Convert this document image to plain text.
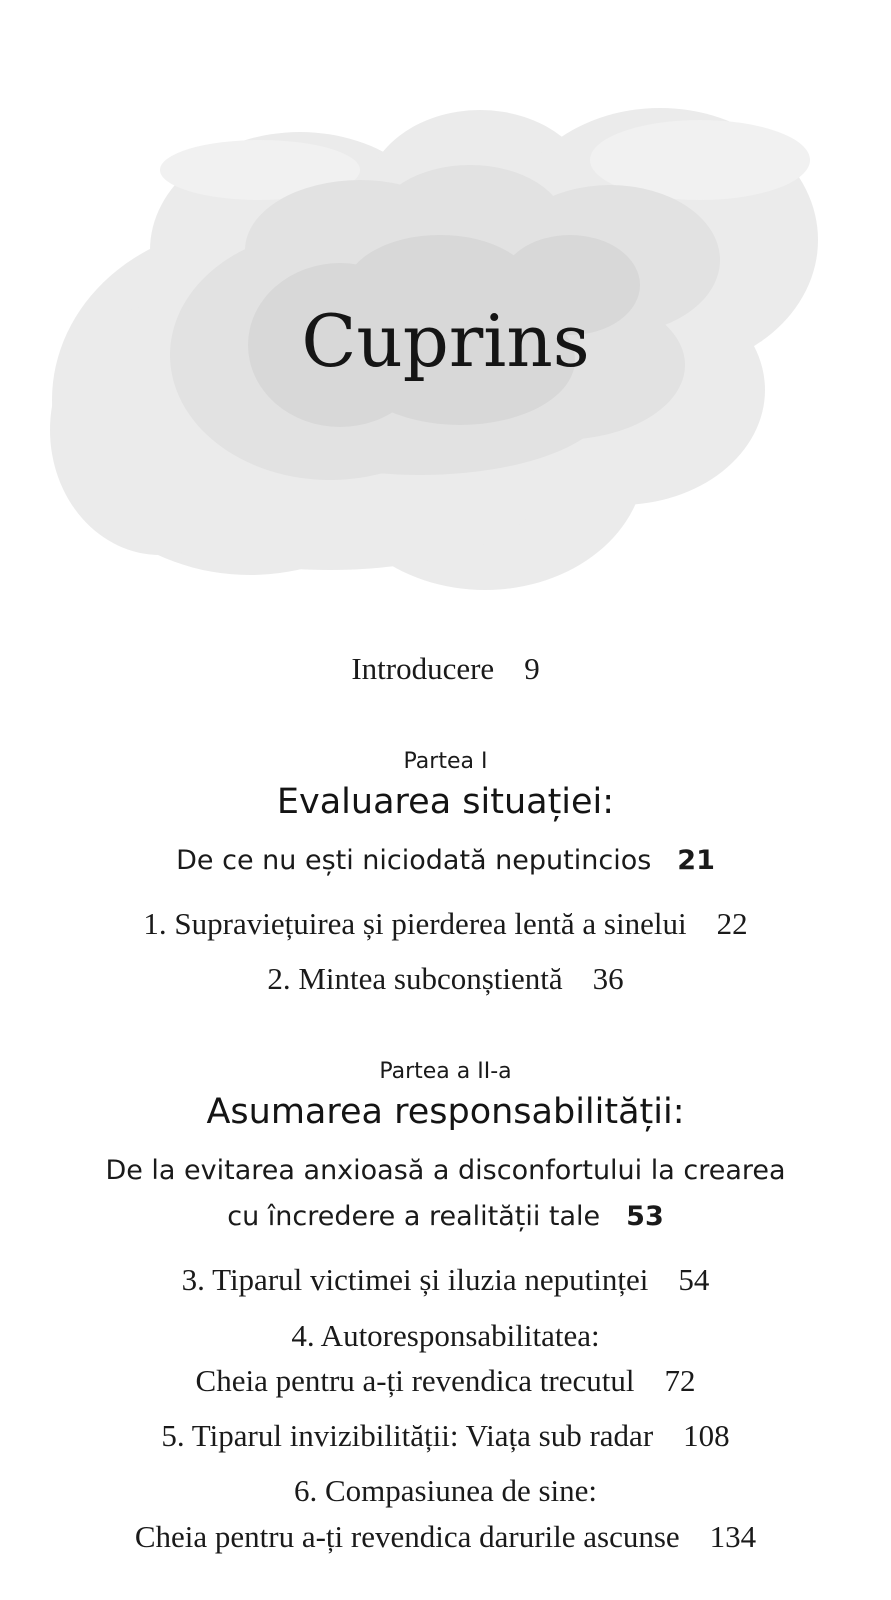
Cuprins
Introducere 9
Partea I
Evaluarea situației:
De ce nu ești niciodată neputincios 21
1. Supraviețuirea și pierderea lentă a sinelui 22
2. Mintea subconștientă 36
Partea a II-a
Asumarea responsabilității:
De la evitarea anxioasă a disconfortului la crearea
cu încredere a realității tale 53
3. Tiparul victimei și iluzia neputinței 54
4. Autoresponsabilitatea:
Cheia pentru a-ți revendica trecutul 72
5. Tiparul invizibilității: Viața sub radar 108
6. Compasiunea de sine:
Cheia pentru a-ți revendica darurile ascunse 134
